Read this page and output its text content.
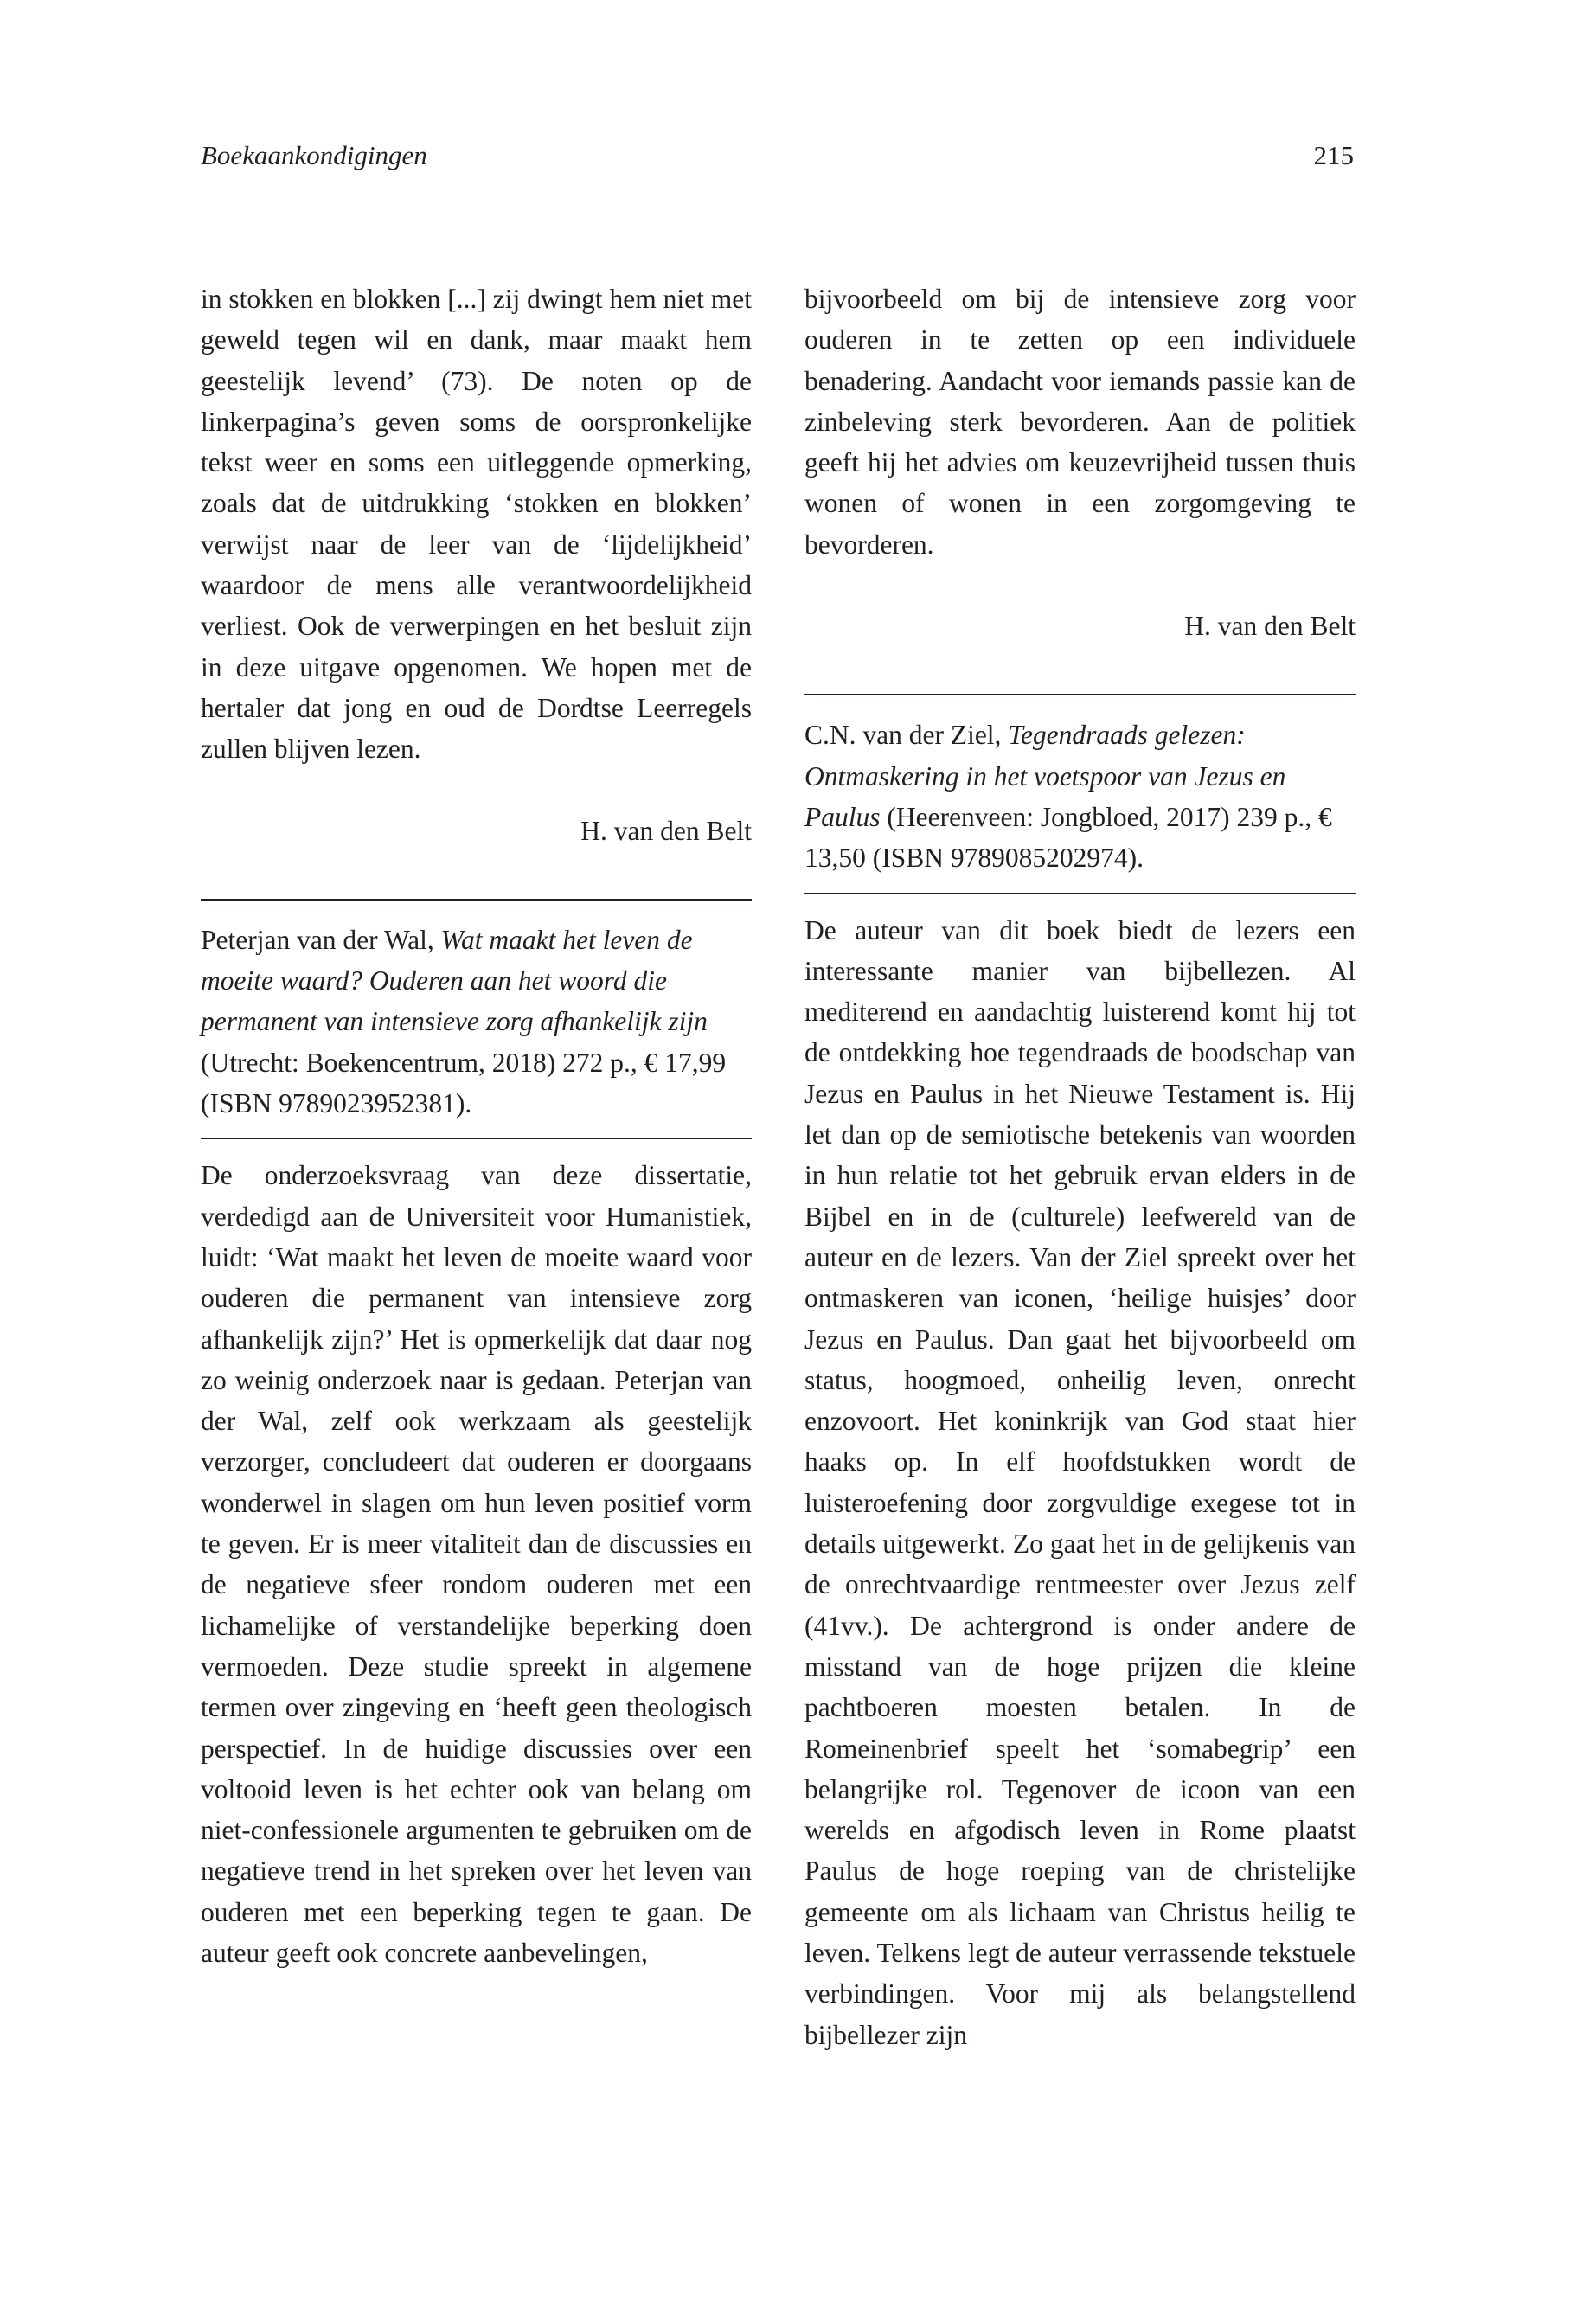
Boekaankondigingen	215

in stokken en blokken [...] zij dwingt hem niet met geweld tegen wil en dank, maar maakt hem geestelijk levend’ (73). De noten op de linkerpagina’s geven soms de oorspronkelijke tekst weer en soms een uitleggende opmerking, zoals dat de uitdrukking ‘stokken en blokken’ verwijst naar de leer van de ‘lijdelijkheid’ waardoor de mens alle verantwoordelijkheid verliest. Ook de verwerpingen en het besluit zijn in deze uitgave opgenomen. We hopen met de hertaler dat jong en oud de Dordtse Leerregels zullen blijven lezen.

H. van den Belt

Peterjan van der Wal, Wat maakt het leven de moeite waard? Ouderen aan het woord die permanent van intensieve zorg afhankelijk zijn (Utrecht: Boekencentrum, 2018) 272 p., € 17,99 (ISBN 9789023952381).

De onderzoeksvraag van deze dissertatie, verdedigd aan de Universiteit voor Humanistiek, luidt: ‘Wat maakt het leven de moeite waard voor ouderen die permanent van intensieve zorg afhankelijk zijn?’ Het is opmerkelijk dat daar nog zo weinig onderzoek naar is gedaan. Peterjan van der Wal, zelf ook werkzaam als geestelijk verzorger, concludeert dat ouderen er doorgaans wonderwel in slagen om hun leven positief vorm te geven. Er is meer vitaliteit dan de discussies en de negatieve sfeer rondom ouderen met een lichamelijke of verstandelijke beperking doen vermoeden. Deze studie spreekt in algemene termen over zingeving en ‘heeft geen theologisch perspectief. In de huidige discussies over een voltooid leven is het echter ook van belang om niet-confessionele argumenten te gebruiken om de negatieve trend in het spreken over het leven van ouderen met een beperking tegen te gaan. De auteur geeft ook concrete aanbevelingen,

bijvoorbeeld om bij de intensieve zorg voor ouderen in te zetten op een individuele benadering. Aandacht voor iemands passie kan de zinbeleving sterk bevorderen. Aan de politiek geeft hij het advies om keuzevrijheid tussen thuis wonen of wonen in een zorgomgeving te bevorderen.

H. van den Belt

C.N. van der Ziel, Tegendraads gelezen: Ontmaskering in het voetspoor van Jezus en Paulus (Heerenveen: Jongbloed, 2017) 239 p., € 13,50 (ISBN 9789085202974).

De auteur van dit boek biedt de lezers een interessante manier van bijbellezen. Al mediterend en aandachtig luisterend komt hij tot de ontdekking hoe tegendraads de boodschap van Jezus en Paulus in het Nieuwe Testament is. Hij let dan op de semiotische betekenis van woorden in hun relatie tot het gebruik ervan elders in de Bijbel en in de (culturele) leefwereld van de auteur en de lezers. Van der Ziel spreekt over het ontmaskeren van iconen, ‘heilige huisjes’ door Jezus en Paulus. Dan gaat het bijvoorbeeld om status, hoogmoed, onheilig leven, onrecht enzovoort. Het koninkrijk van God staat hier haaks op. In elf hoofdstukken wordt de luisteroefening door zorgvuldige exegese tot in details uitgewerkt. Zo gaat het in de gelijkenis van de onrechtvaardige rentmeester over Jezus zelf (41vv.). De achtergrond is onder andere de misstand van de hoge prijzen die kleine pachtboeren moesten betalen. In de Romeinenbrief speelt het ‘somabegrip’ een belangrijke rol. Tegenover de icoon van een werelds en afgodisch leven in Rome plaatst Paulus de hoge roeping van de christelijke gemeente om als lichaam van Christus heilig te leven. Telkens legt de auteur verrassende tekstuele verbindingen. Voor mij als belangstellend bijbellezer zijn
